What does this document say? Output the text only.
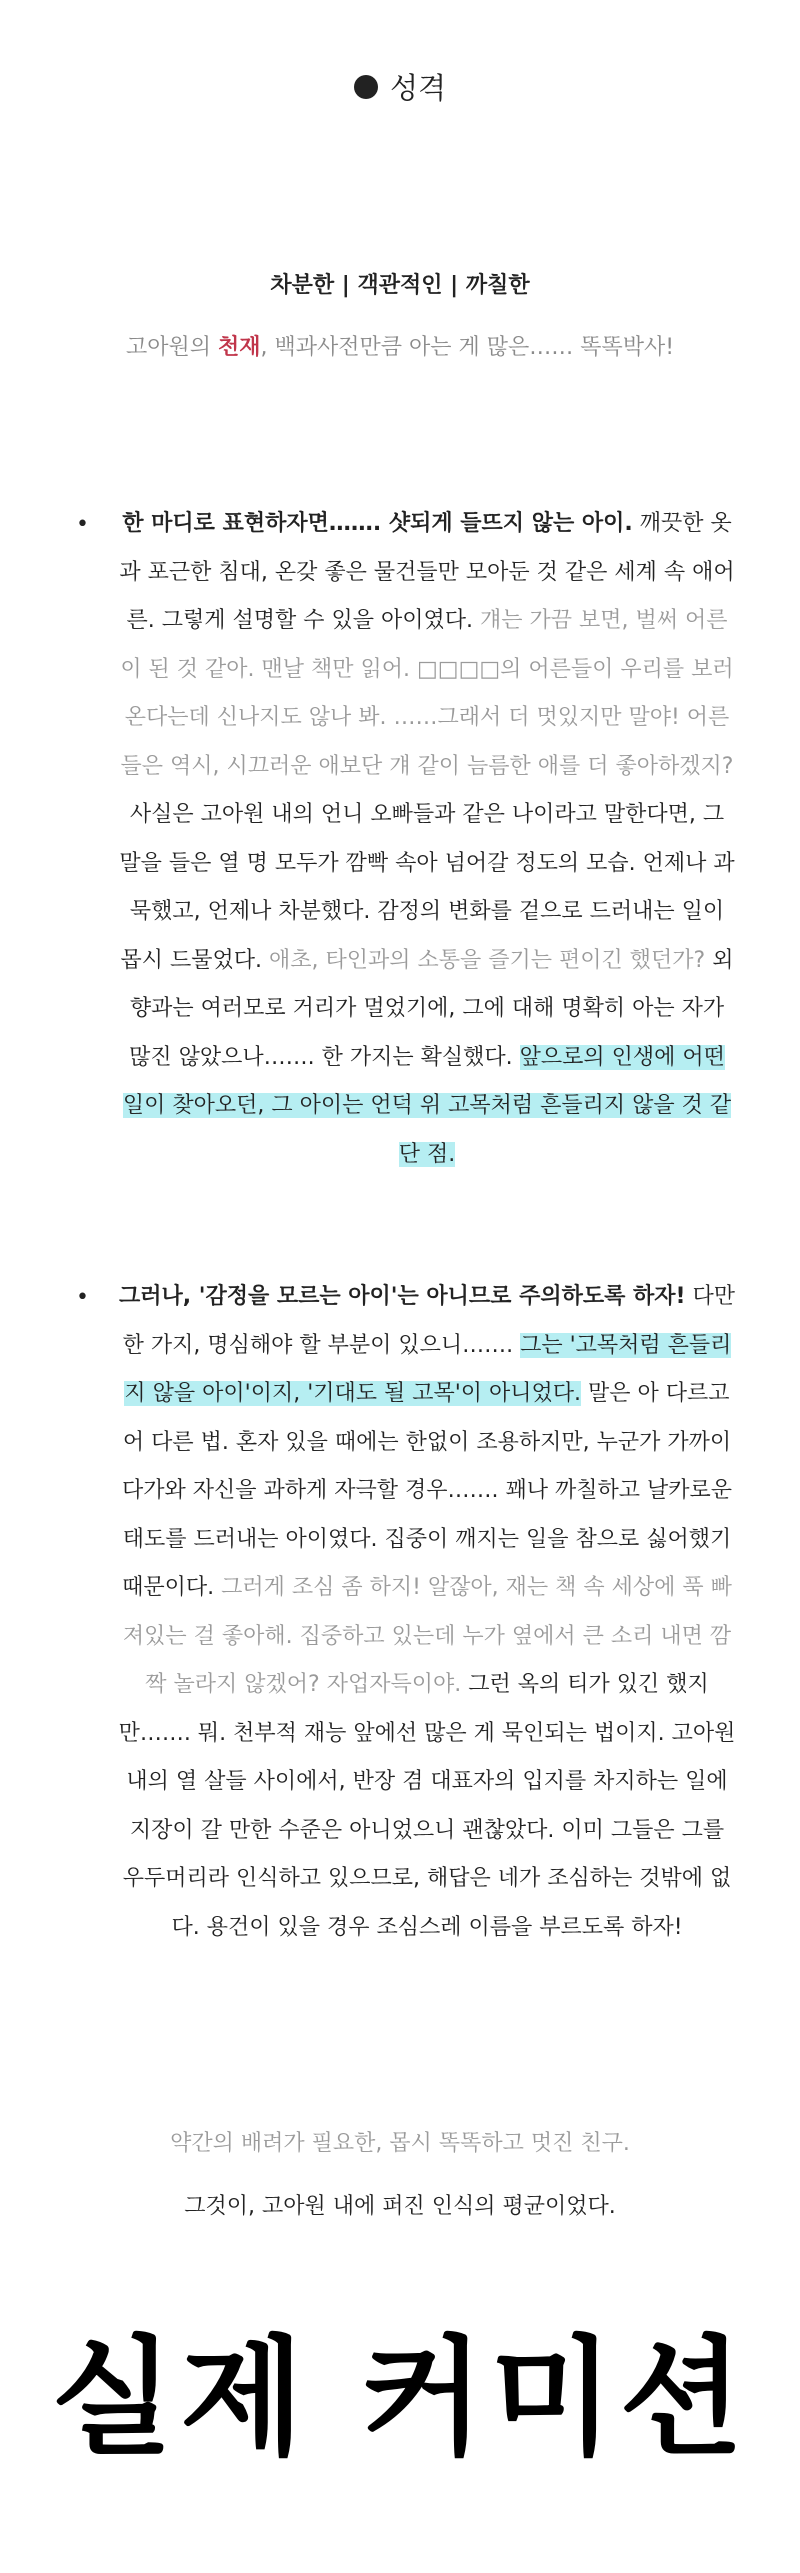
성격
차분한 | 객관적인 | 까칠한
고아원의 천재, 백과사전만큼 아는 게 많은…… 똑똑박사!
• 한 마디로 표현하자면……. 샷되게 들뜨지 않는 아이. 깨끗한 옷과 포근한 침대, 온갖 좋은 물건들만 모아둔 것 같은 세계 속 애어른. 그렇게 설명할 수 있을 아이였다. 걔는 가끔 보면, 벌써 어른이 된 것 같아. 맨날 책만 읽어. □□□□의 어른들이 우리를 보러 온다는데 신나지도 않나 봐. ……그래서 더 멋있지만 말야! 어른들은 역시, 시끄러운 애보단 걔 같이 늠름한 애를 더 좋아하겠지? 사실은 고아원 내의 언니 오빠들과 같은 나이라고 말한다면, 그 말을 들은 열 명 모두가 깜빡 속아 넘어갈 정도의 모습. 언제나 과묵했고, 언제나 차분했다. 감정의 변화를 겉으로 드러내는 일이 몹시 드물었다. 애초, 타인과의 소통을 즐기는 편이긴 했던가? 외향과는 여러모로 거리가 멀었기에, 그에 대해 명확히 아는 자가 많진 않았으나……. 한 가지는 확실했다. 앞으로의 인생에 어떤 일이 찾아오던, 그 아이는 언덕 위 고목처럼 흔들리지 않을 것 같단 점.
• 그러나, '감정을 모르는 아이'는 아니므로 주의하도록 하자! 다만 한 가지, 명심해야 할 부분이 있으니……. 그는 '고목처럼 흔들리지 않을 아이'이지, '기대도 될 고목'이 아니었다. 말은 아 다르고 어 다른 법. 혼자 있을 때에는 한없이 조용하지만, 누군가 가까이 다가와 자신을 과하게 자극할 경우……. 꽤나 까칠하고 날카로운 태도를 드러내는 아이였다. 집중이 깨지는 일을 참으로 싫어했기 때문이다. 그러게 조심 좀 하지! 알잖아, 재는 책 속 세상에 푹 빠져있는 걸 좋아해. 집중하고 있는데 누가 옆에서 큰 소리 내면 깜짝 놀라지 않겠어? 자업자득이야. 그런 옥의 티가 있긴 했지만……. 뭐. 천부적 재능 앞에선 많은 게 묵인되는 법이지. 고아원 내의 열 살들 사이에서, 반장 겸 대표자의 입지를 차지하는 일에 지장이 갈 만한 수준은 아니었으니 괜찮았다. 이미 그들은 그를 우두머리라 인식하고 있으므로, 해답은 네가 조심하는 것밖에 없다. 용건이 있을 경우 조심스레 이름을 부르도록 하자!
약간의 배려가 필요한, 몹시 똑똑하고 멋진 친구.
그것이, 고아원 내에 퍼진 인식의 평균이었다.
실제 커미션
